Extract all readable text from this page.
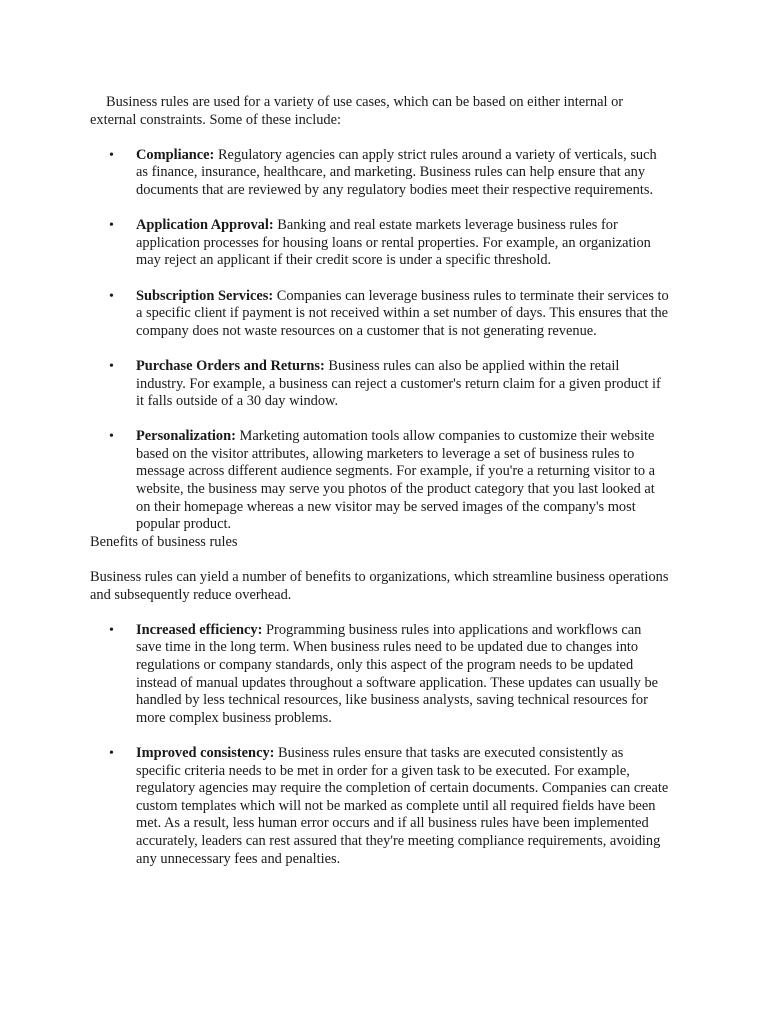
Business rules are used for a variety of use cases, which can be based on either internal or external constraints. Some of these include:

• Compliance: Regulatory agencies can apply strict rules around a variety of verticals, such as finance, insurance, healthcare, and marketing. Business rules can help ensure that any documents that are reviewed by any regulatory bodies meet their respective requirements.
• Application Approval: Banking and real estate markets leverage business rules for application processes for housing loans or rental properties. For example, an organization may reject an applicant if their credit score is under a specific threshold.
• Subscription Services: Companies can leverage business rules to terminate their services to a specific client if payment is not received within a set number of days. This ensures that the company does not waste resources on a customer that is not generating revenue.
• Purchase Orders and Returns: Business rules can also be applied within the retail industry. For example, a business can reject a customer's return claim for a given product if it falls outside of a 30 day window.
• Personalization: Marketing automation tools allow companies to customize their website based on the visitor attributes, allowing marketers to leverage a set of business rules to message across different audience segments. For example, if you're a returning visitor to a website, the business may serve you photos of the product category that you last looked at on their homepage whereas a new visitor may be served images of the company's most popular product.

Benefits of business rules

Business rules can yield a number of benefits to organizations, which streamline business operations and subsequently reduce overhead.

• Increased efficiency: Programming business rules into applications and workflows can save time in the long term. When business rules need to be updated due to changes into regulations or company standards, only this aspect of the program needs to be updated instead of manual updates throughout a software application. These updates can usually be handled by less technical resources, like business analysts, saving technical resources for more complex business problems.
• Improved consistency: Business rules ensure that tasks are executed consistently as specific criteria needs to be met in order for a given task to be executed. For example, regulatory agencies may require the completion of certain documents. Companies can create custom templates which will not be marked as complete until all required fields have been met. As a result, less human error occurs and if all business rules have been implemented accurately, leaders can rest assured that they're meeting compliance requirements, avoiding any unnecessary fees and penalties.
